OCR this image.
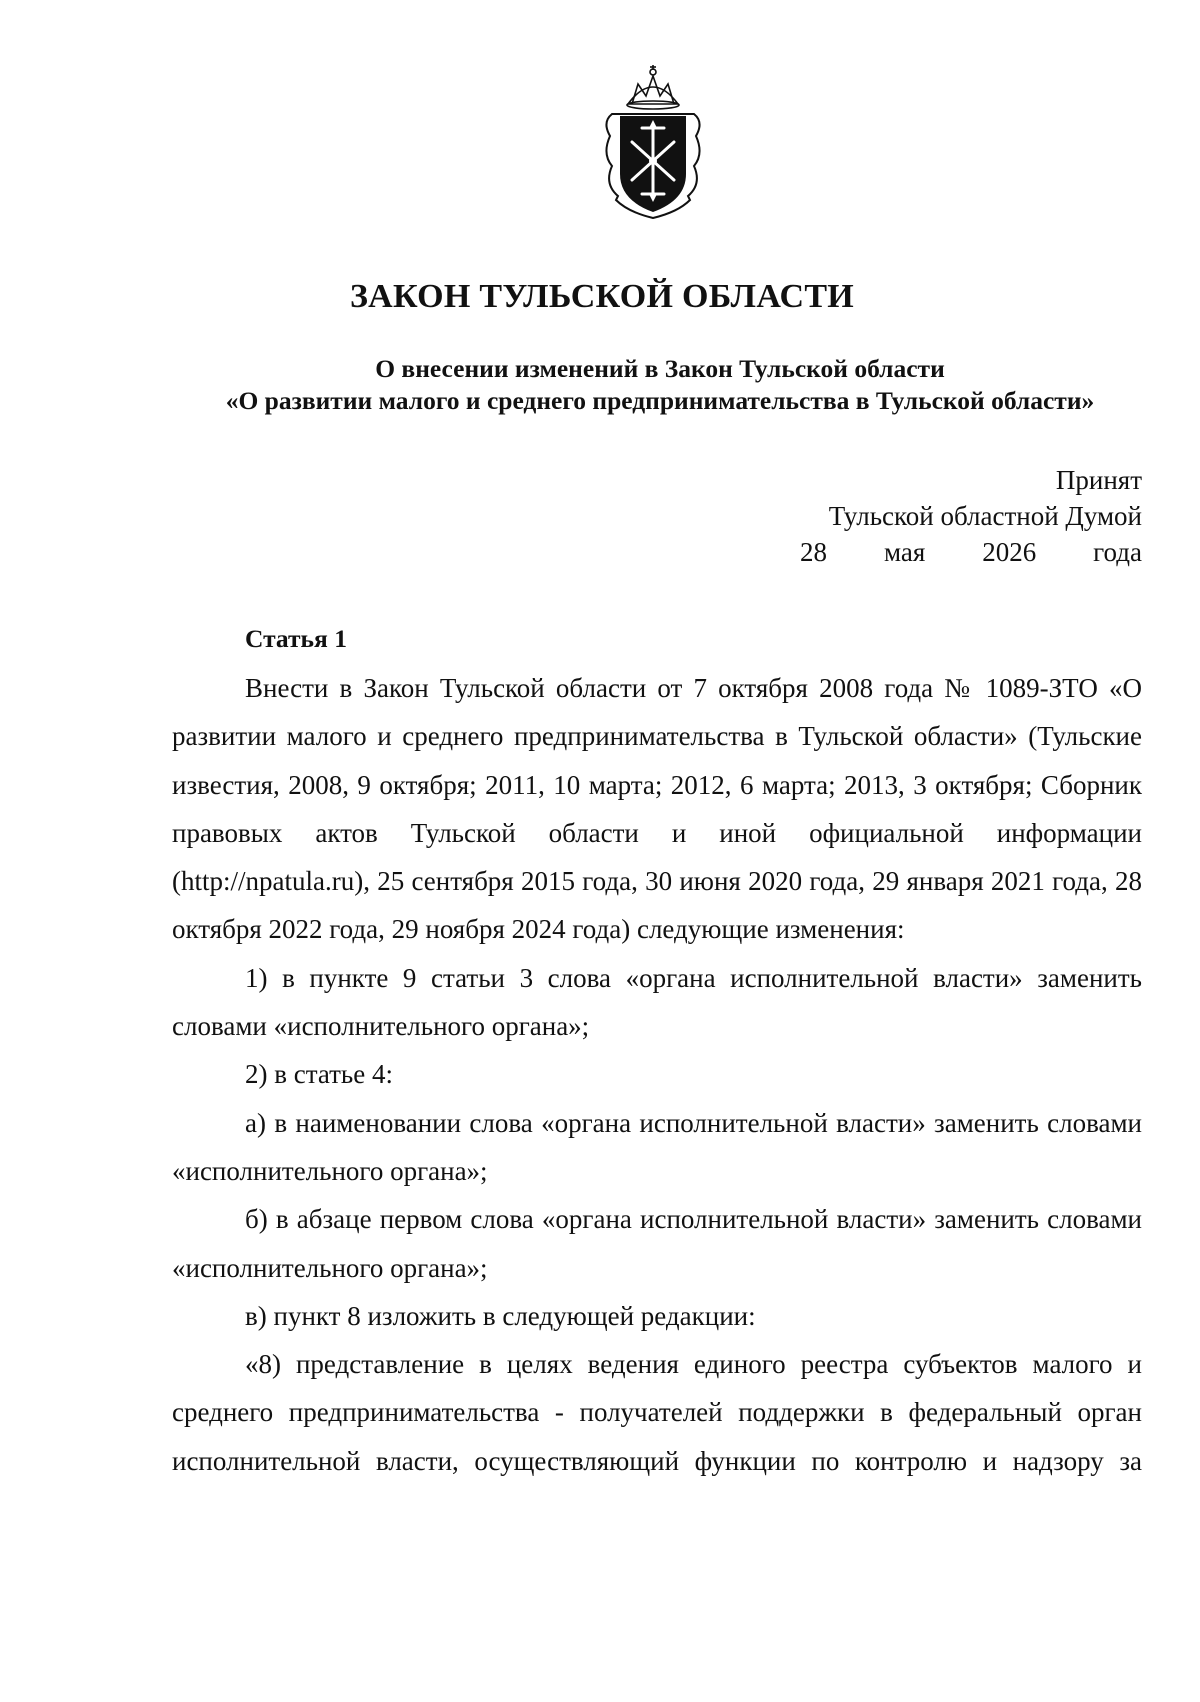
ЗАКОН ТУЛЬСКОЙ ОБЛАСТИ
О внесении изменений в Закон Тульской области
«О развитии малого и среднего предпринимательства в Тульской области»
Принят
Тульской областной Думой
28 мая 2026 года
Статья 1

Внести в Закон Тульской области от 7 октября 2008 года № 1089-ЗТО «О развитии малого и среднего предпринимательства в Тульской области» (Тульские известия, 2008, 9 октября; 2011, 10 марта; 2012, 6 марта; 2013, 3 октября; Сборник правовых актов Тульской области и иной официальной информации (http://npatula.ru), 25 сентября 2015 года, 30 июня 2020 года, 29 января 2021 года, 28 октября 2022 года, 29 ноября 2024 года) следующие изменения:

1) в пункте 9 статьи 3 слова «органа исполнительной власти» заменить словами «исполнительного органа»;

2) в статье 4:

а) в наименовании слова «органа исполнительной власти» заменить словами «исполнительного органа»;

б) в абзаце первом слова «органа исполнительной власти» заменить словами «исполнительного органа»;

в) пункт 8 изложить в следующей редакции:

«8) представление в целях ведения единого реестра субъектов малого и среднего предпринимательства - получателей поддержки в федеральный орган исполнительной власти, осуществляющий функции по контролю и надзору за
